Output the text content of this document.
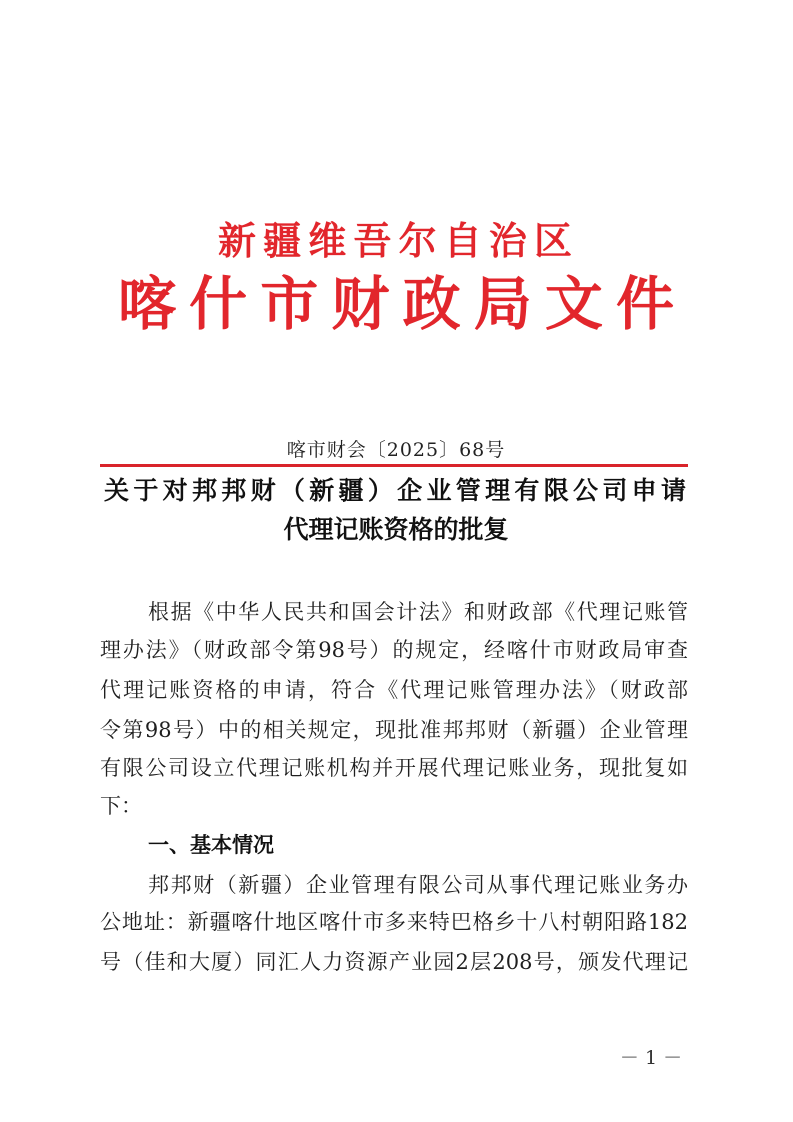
新疆维吾尔自治区
喀什市财政局文件
喀市财会〔2025〕68号
关于对邦邦财（新疆）企业管理有限公司申请
代理记账资格的批复
根据《中华人民共和国会计法》和财政部《代理记账管
理办法》（财政部令第98号）的规定，经喀什市财政局审查
代理记账资格的申请，符合《代理记账管理办法》（财政部
令第98号）中的相关规定，现批准邦邦财（新疆）企业管理
有限公司设立代理记账机构并开展代理记账业务，现批复如
下：
一、基本情况
邦邦财（新疆）企业管理有限公司从事代理记账业务办
公地址：新疆喀什地区喀什市多来特巴格乡十八村朝阳路182
号（佳和大厦）同汇人力资源产业园2层208号，颁发代理记
－ 1 －
